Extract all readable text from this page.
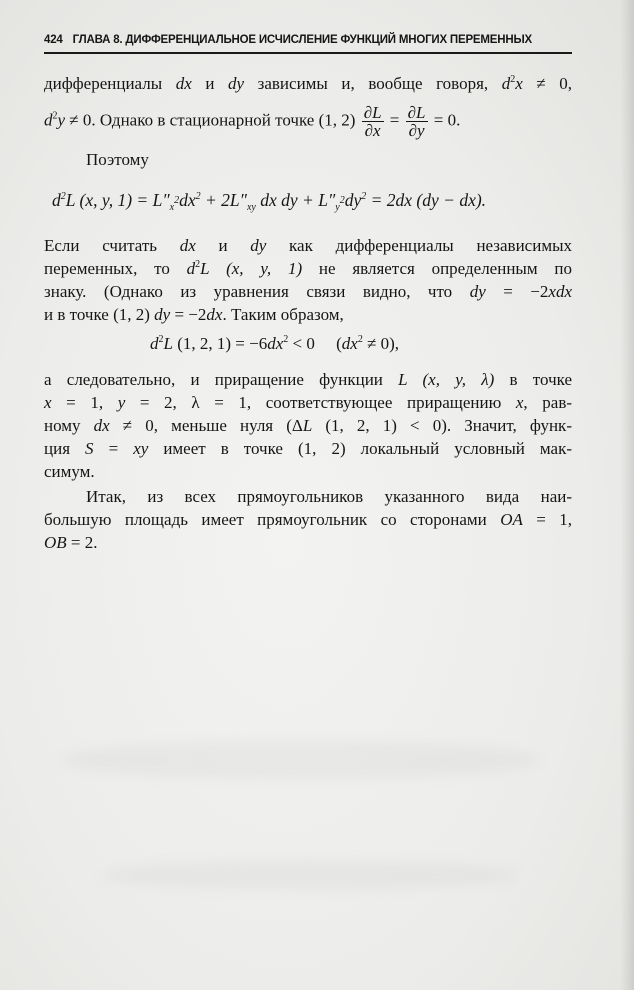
424 ГЛАВА 8. ДИФФЕРЕНЦИАЛЬНОЕ ИСЧИСЛЕНИЕ ФУНКЦИЙ МНОГИХ ПЕРЕМЕННЫХ
дифференциалы dx и dy зависимы и, вообще говоря, $d^2x \ne 0$,
$d^2y \ne 0$. Однако в стационарной точке (1, $2) \frac{\partial L}{\partial x} = \frac{\partial L}{\partial y} = 0$.
Поэтому
$d^2L$ (x, y, $1) = L''_{x^2}dx^2 + 2L''_{xy}$ dx dy + $L''_{y^2}dy^2 = 2dx$ (dy − dx).
Если считать dx и dy как дифференциалы независимых
переменных, то $d^2L$ (x, y, 1) не является определенным по
знаку. (Однако из уравнения связи видно, что dy = −2xdx
и в точке (1, 2) dy = −2dx. Таким образом,
$d^2L$ (1, 2, $1) = -6dx^2 < 0$     $(dx^2 \ne 0)$,
а следовательно, и приращение функции L (x, y, λ) в точке
x = 1, y = 2, λ = 1, соответствующее приращению x, рав-
ному dx ≠ 0, меньше нуля (ΔL (1, 2, 1) < 0). Значит, функ-
ция S = xy имеет в точке (1, 2) локальный условный мак-
симум.
Итак, из всех прямоугольников указанного вида наи-
большую площадь имеет прямоугольник со сторонами OA = 1,
OB = 2.
